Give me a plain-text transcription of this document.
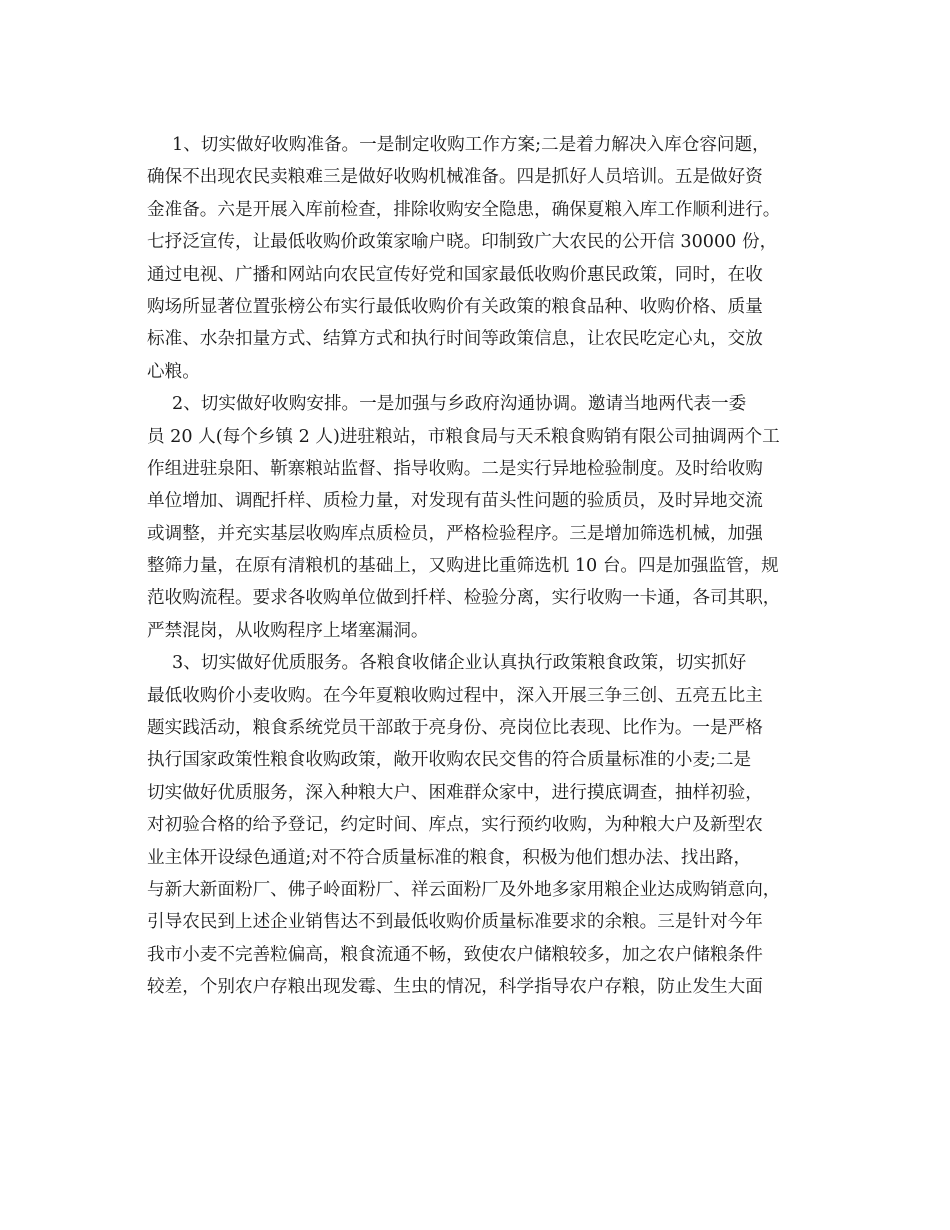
1、切实做好收购准备。一是制定收购工作方案;二是着力解决入库仓容问题，
确保不出现农民卖粮难三是做好收购机械准备。四是抓好人员培训。五是做好资
金准备。六是开展入库前检查，排除收购安全隐患，确保夏粮入库工作顺利进行。
七抒泛宣传，让最低收购价政策家喻户晓。印制致广大农民的公开信 30000 份，
通过电视、广播和网站向农民宣传好党和国家最低收购价惠民政策，同时，在收
购场所显著位置张榜公布实行最低收购价有关政策的粮食品种、收购价格、质量
标准、水杂扣量方式、结算方式和执行时间等政策信息，让农民吃定心丸，交放
心粮。
2、切实做好收购安排。一是加强与乡政府沟通协调。邀请当地两代表一委
员 20 人(每个乡镇 2 人)进驻粮站，市粮食局与天禾粮食购销有限公司抽调两个工
作组进驻泉阳、靳寨粮站监督、指导收购。二是实行异地检验制度。及时给收购
单位增加、调配扦样、质检力量，对发现有苗头性问题的验质员，及时异地交流
或调整，并充实基层收购库点质检员，严格检验程序。三是增加筛选机械，加强
整筛力量，在原有清粮机的基础上，又购进比重筛选机 10 台。四是加强监管，规
范收购流程。要求各收购单位做到扦样、检验分离，实行收购一卡通，各司其职，
严禁混岗，从收购程序上堵塞漏洞。
3、切实做好优质服务。各粮食收储企业认真执行政策粮食政策，切实抓好
最低收购价小麦收购。在今年夏粮收购过程中，深入开展三争三创、五亮五比主
题实践活动，粮食系统党员干部敢于亮身份、亮岗位比表现、比作为。一是严格
执行国家政策性粮食收购政策，敞开收购农民交售的符合质量标准的小麦;二是
切实做好优质服务，深入种粮大户、困难群众家中，进行摸底调查，抽样初验，
对初验合格的给予登记，约定时间、库点，实行预约收购，为种粮大户及新型农
业主体开设绿色通道;对不符合质量标准的粮食，积极为他们想办法、找出路，
与新大新面粉厂、佛子岭面粉厂、祥云面粉厂及外地多家用粮企业达成购销意向，
引导农民到上述企业销售达不到最低收购价质量标准要求的余粮。三是针对今年
我市小麦不完善粒偏高，粮食流通不畅，致使农户储粮较多，加之农户储粮条件
较差，个别农户存粮出现发霉、生虫的情况，科学指导农户存粮，防止发生大面
